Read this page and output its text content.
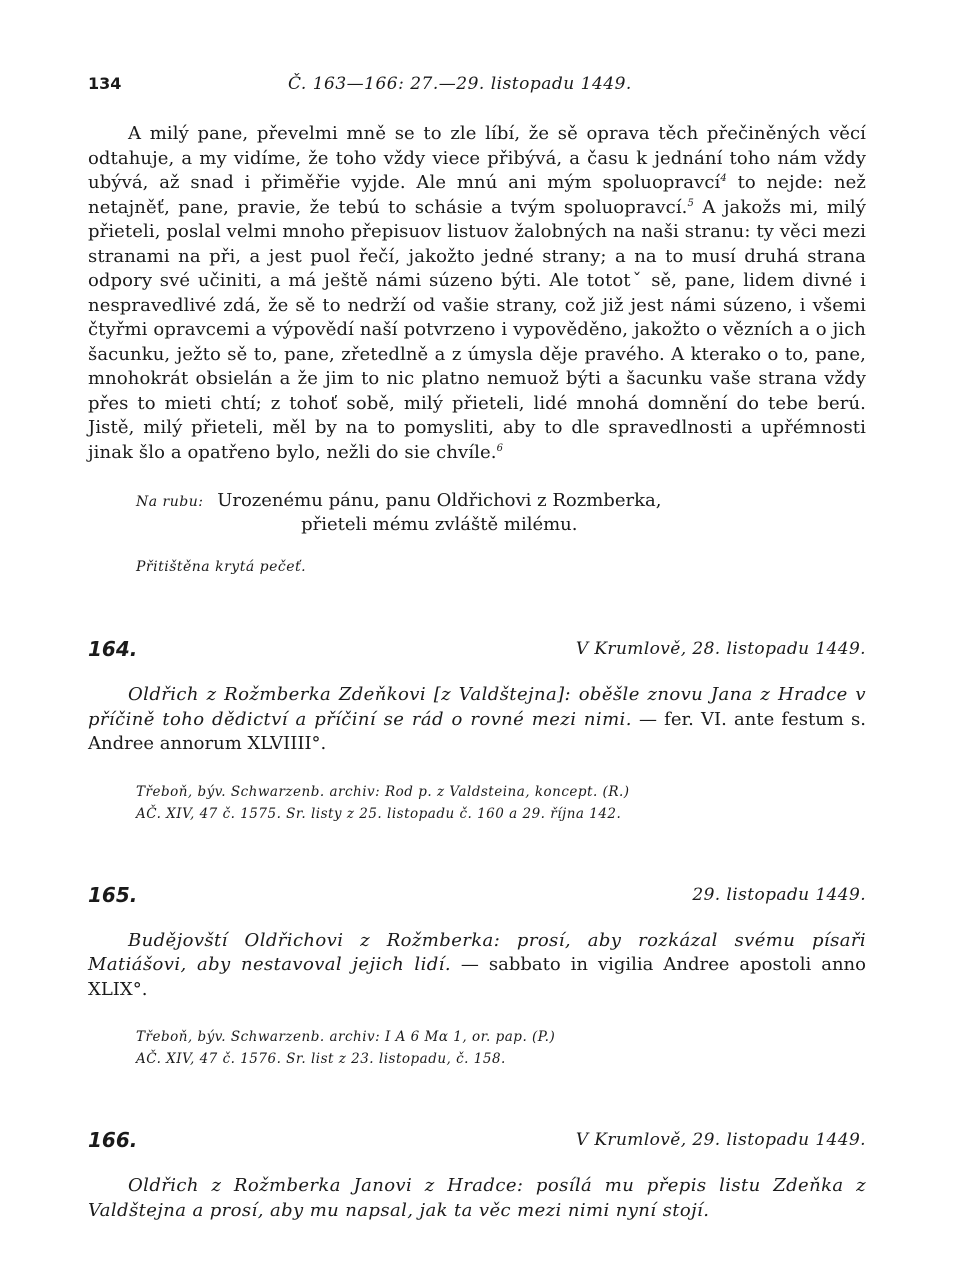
134	Č. 163—166: 27.—29. listopadu 1449.

A milý pane, převelmi mně se to zle líbí, že sě oprava těch přečiněných věcí odtahuje, a my vidíme, že toho vždy viece přibývá, a času k jednání toho nám vždy ubývá, až snad i přiměřie vyjde. Ale mnú ani mým spoluopravcí$^4$ to nejde: než netajněť, pane, pravie, že tebú to schásie a tvým spoluopravcí.$^5$ A jakožs mi, milý přieteli, poslal velmi mnoho přepisuov listuov žalobných na naši stranu: ty věci mezi stranami na při, a jest puol řečí, jakožto jedné strany; a na to musí druhá strana odpory své učiniti, a má ještě námi súzeno býti. Ale tototˇ sě, pane, lidem divné i nespravedlivé zdá, že sě to nedrží od vašie strany, což již jest námi súzeno, i všemi čtyřmi opravcemi a výpovědí naší potvrzeno i vypověděno, jakožto o vězních a o jich šacunku, ježto sě to, pane, zřetedlně a z úmysla děje pravého. A kterako o to, pane, mnohokrát obsielán a že jim to nic platno nemuož býti a šacunku vaše strana vždy přes to mieti chtí; z tohoť sobě, milý přieteli, lidé mnohá domnění do tebe berú. Jistě, milý přieteli, měl by na to pomysliti, aby to dle spravedlnosti a upřémnosti jinak šlo a opatřeno bylo, nežli do sie chvíle.$^6$

Na rubu: Urozenému pánu, panu Oldřichovi z Rozmberka,
přieteli mému zvláště milému.
Přitištěna krytá pečeť.
164.	V Krumlově, 28. listopadu 1449.

Oldřich z Rožmberka Zdeňkovi [z Valdštejna]: oběšle znovu Jana z Hradce v příčině toho dědictví a příčiní se rád o rovné mezi nimi. — fer. VI. ante festum s. Andree annorum XLVIIII°.

Třeboň, býv. Schwarzenb. archiv: Rod p. z Valdsteina, koncept. (R.)
AČ. XIV, 47 č. 1575. Sr. listy z 25. listopadu č. 160 a 29. října 142.
165.	29. listopadu 1449.

Budějovští Oldřichovi z Rožmberka: prosí, aby rozkázal svému písaři Matiášovi, aby nestavoval jejich lidí. — sabbato in vigilia Andree apostoli anno XLIX°.

Třeboň, býv. Schwarzenb. archiv: I A 6 Mα 1, or. pap. (P.)
AČ. XIV, 47 č. 1576. Sr. list z 23. listopadu, č. 158.
166.	V Krumlově, 29. listopadu 1449.

Oldřich z Rožmberka Janovi z Hradce: posílá mu přepis listu Zdeňka z Valdštejna a prosí, aby mu napsal, jak ta věc mezi nimi nyní stojí.
